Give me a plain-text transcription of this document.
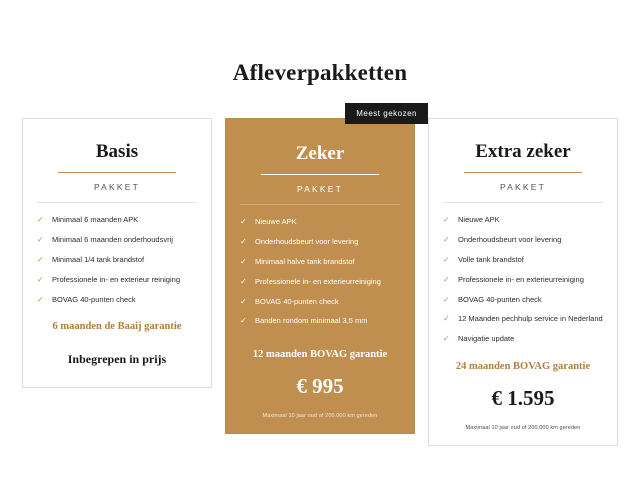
Afleverpakketten
Basis
PAKKET
✓	Minimaal 6 maanden APK
✓	Minimaal 6 maanden onderhoudsvrij
✓	Minimaal 1/4 tank brandstof
✓	Professionele in- en exterieur reiniging
✓	BOVAG 40-punten check
6 maanden de Baaij garantie
Inbegrepen in prijs
Meest gekozen
Zeker
PAKKET
✓	Nieuwe APK
✓	Onderhoudsbeurt voor levering
✓	Minimaal halve tank brandstof
✓	Professionele in- en exterieurreiniging
✓	BOVAG 40-punten check
✓	Banden rondom minimaal 3,5 mm
12 maanden BOVAG garantie
€ 995
Maximaal 10 jaar oud of 200.000 km gereden
Extra zeker
PAKKET
✓	Nieuwe APK
✓	Onderhoudsbeurt voor levering
✓	Volle tank brandstof
✓	Professionele in- en exterieurreiniging
✓	BOVAG 40-punten check
✓	12 Maanden pechhulp service in Nederland
✓	Navigatie update
24 maanden BOVAG garantie
€ 1.595
Maximaal 10 jaar oud of 200.000 km gereden
